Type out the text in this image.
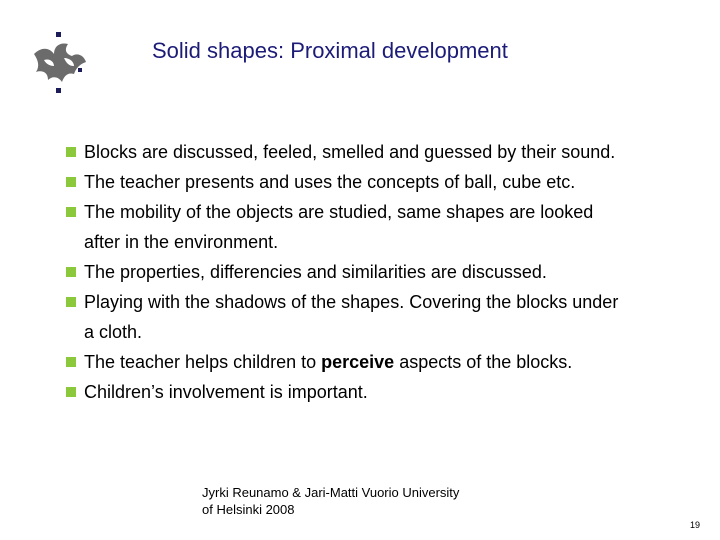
Solid shapes: Proximal development
Blocks are discussed, feeled, smelled and guessed by their sound.
The teacher presents and uses the concepts of ball, cube etc.
The mobility of the objects are studied, same shapes are looked
after in the environment.
The properties, differencies and similarities are discussed.
Playing with the shadows of the shapes. Covering the blocks under
a cloth.
The teacher helps children to perceive aspects of the blocks.
Children’s involvement is important.
Jyrki Reunamo & Jari-Matti Vuorio University
of Helsinki 2008
19
